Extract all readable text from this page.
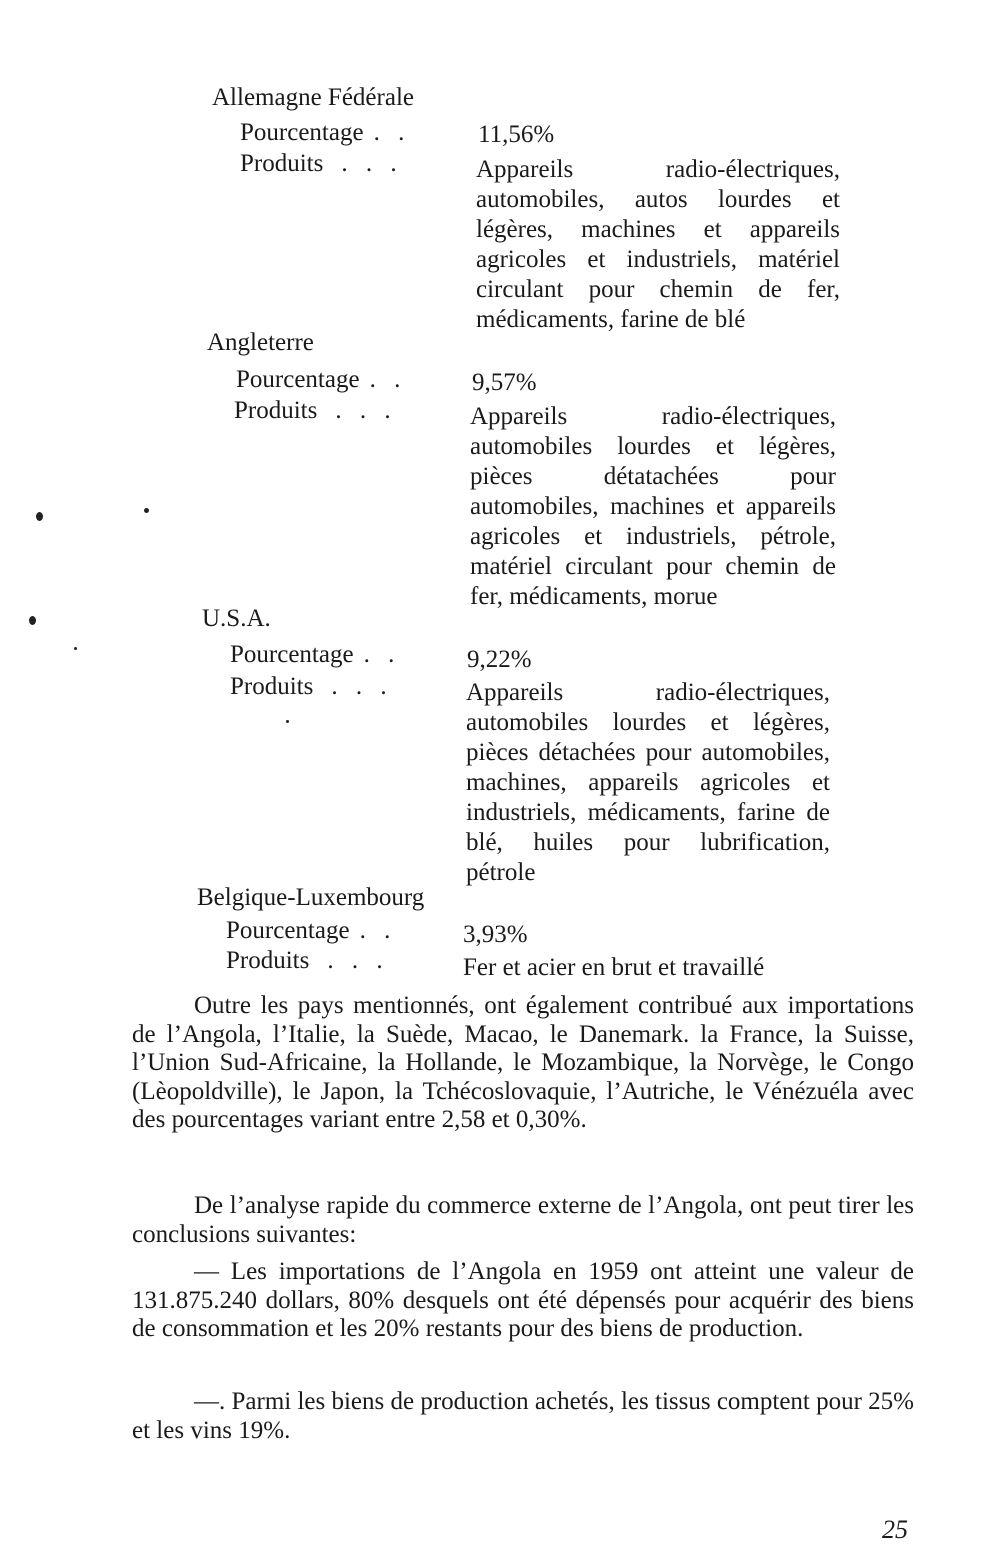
Allemagne Fédérale
Pourcentage . .	11,56%
Produits . . .	Appareils radio-électriques, automobiles, autos lourdes et légères, machines et appareils agricoles et industriels, matériel circulant pour chemin de fer, médicaments, farine de blé
Angleterre
Pourcentage . .	9,57%
Produits . . .	Appareils radio-électriques, automobiles lourdes et légères, pièces détatachées pour automobiles, machines et appareils agricoles et industriels, pétrole, matériel circulant pour chemin de fer, médicaments, morue
U.S.A.
Pourcentage . .	9,22%
Produits . . .	Appareils radio-électriques, automobiles lourdes et légères, pièces détachées pour automobiles, machines, appareils agricoles et industriels, médicaments, farine de blé, huiles pour lubrification, pétrole
Belgique-Luxembourg
Pourcentage . .	3,93%
Produits . . .	Fer et acier en brut et travaillé

Outre les pays mentionnés, ont également contribué aux importations de l’Angola, l’Italie, la Suède, Macao, le Danemark. la France, la Suisse, l’Union Sud-Africaine, la Hollande, le Mozambique, la Norvège, le Congo (Lèopoldville), le Japon, la Tchécoslovaquie, l’Autriche, le Vénézuéla avec des pourcentages variant entre 2,58 et 0,30%.

De l’analyse rapide du commerce externe de l’Angola, ont peut tirer les conclusions suivantes:

— Les importations de l’Angola en 1959 ont atteint une valeur de 131.875.240 dollars, 80% desquels ont été dépensés pour acquérir des biens de consommation et les 20% restants pour des biens de production.

—. Parmi les biens de production achetés, les tissus comptent pour 25% et les vins 19%.

25
